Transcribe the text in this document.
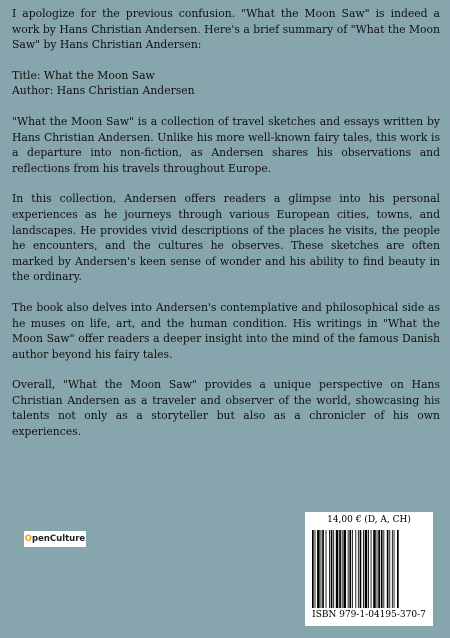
I apologize for the previous confusion. "What the Moon Saw" is indeed a work by Hans Christian Andersen. Here's a brief summary of "What the Moon Saw" by Hans Christian Andersen:

Title: What the Moon Saw
Author: Hans Christian Andersen

"What the Moon Saw" is a collection of travel sketches and essays written by Hans Christian Andersen. Unlike his more well-known fairy tales, this work is a departure into non-fiction, as Andersen shares his observations and reflections from his travels throughout Europe.

In this collection, Andersen offers readers a glimpse into his personal experiences as he journeys through various European cities, towns, and landscapes. He provides vivid descriptions of the places he visits, the people he encounters, and the cultures he observes. These sketches are often marked by Andersen's keen sense of wonder and his ability to find beauty in the ordinary.

The book also delves into Andersen's contemplative and philosophical side as he muses on life, art, and the human condition. His writings in "What the Moon Saw" offer readers a deeper insight into the mind of the famous Danish author beyond his fairy tales.

Overall, "What the Moon Saw" provides a unique perspective on Hans Christian Andersen as a traveler and observer of the world, showcasing his talents not only as a storyteller but also as a chronicler of his own experiences.

O penCulture
14,00 € (D, A, CH)
ISBN 979-1-04195-370-7
